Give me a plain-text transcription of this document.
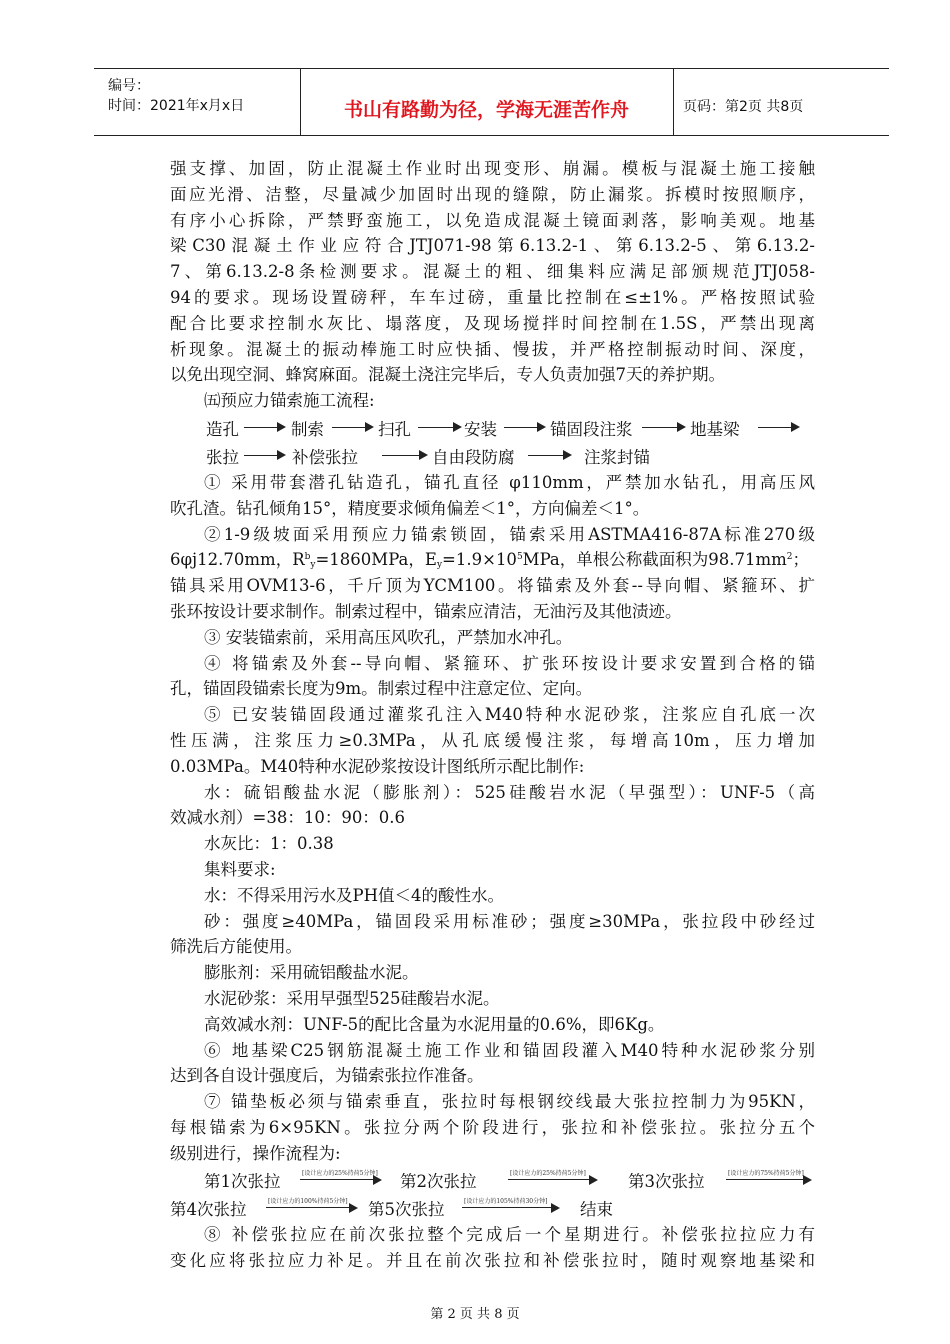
编号：
时间：2021年x月x日	书山有路勤为径，学海无涯苦作舟	页码：第2页 共8页
强支撑、加固，防止混凝土作业时出现变形、崩漏。模板与混凝土施工接触
面应光滑、洁整，尽量减少加固时出现的缝隙，防止漏浆。拆模时按照顺序，
有序小心拆除，严禁野蛮施工，以免造成混凝土镜面剥落，影响美观。地基
梁C30混凝土作业应符合JTJ071-98第6.13.2-1、第6.13.2-5、第6.13.2-
7、第6.13.2-8条检测要求。混凝土的粗、细集料应满足部颁规范JTJ058-
94的要求。现场设置磅秤，车车过磅，重量比控制在≤±1%。严格按照试验
配合比要求控制水灰比、塌落度，及现场搅拌时间控制在1.5S，严禁出现离
析现象。混凝土的振动棒施工时应快插、慢拔，并严格控制振动时间、深度，
以免出现空洞、蜂窝麻面。混凝土浇注完毕后，专人负责加强7天的养护期。
㈤预应力锚索施工流程:
造孔	制索	扫孔	安装	锚固段注浆	地基梁
张拉	补偿张拉	自由段防腐	注浆封锚
① 采用带套潜孔钻造孔，锚孔直径 φ110mm，严禁加水钻孔，用高压风
吹孔渣。钻孔倾角15°，精度要求倾角偏差＜1°，方向偏差＜1°。
②1-9级坡面采用预应力锚索锁固，锚索采用ASTMA416-87A标准270级
6φj12.70mm，$R^b_y=1860MPa$，$E_y=1.9\times 10^5MPa$，单根公称截面积为$98.71mm^2$；
锚具采用OVM13-6，千斤顶为YCM100。将锚索及外套--导向帽、紧箍环、扩
张环按设计要求制作。制索过程中，锚索应清洁，无油污及其他渍迹。
③ 安装锚索前，采用高压风吹孔，严禁加水冲孔。
④ 将锚索及外套--导向帽、紧箍环、扩张环按设计要求安置到合格的锚
孔，锚固段锚索长度为9m。制索过程中注意定位、定向。
⑤ 已安装锚固段通过灌浆孔注入M40特种水泥砂浆，注浆应自孔底一次
性压满，注浆压力≥0.3MPa，从孔底缓慢注浆，每增高10m，压力增加
0.03MPa。M40特种水泥砂浆按设计图纸所示配比制作:
水：硫铝酸盐水泥（膨胀剂）：525硅酸岩水泥（早强型）：UNF-5（高
效减水剂）=38：10：90：0.6
水灰比：1：0.38
集料要求:
水：不得采用污水及PH值＜4的酸性水。
砂：强度≥40MPa，锚固段采用标准砂；强度≥30MPa，张拉段中砂经过
筛洗后方能使用。
膨胀剂：采用硫铝酸盐水泥。
水泥砂浆：采用早强型525硅酸岩水泥。
高效减水剂：UNF-5的配比含量为水泥用量的0.6%，即6Kg。
⑥ 地基梁C25钢筋混凝土施工作业和锚固段灌入M40特种水泥砂浆分别
达到各自设计强度后，为锚索张拉作准备。
⑦ 锚垫板必须与锚索垂直，张拉时每根钢绞线最大张拉控制力为95KN，
每根锚索为6×95KN。张拉分两个阶段进行，张拉和补偿张拉。张拉分五个
级别进行，操作流程为:
第1次张拉	[设计应力的25%持荷5分钟] 第2次张拉	[设计应力的25%持荷5分钟]	第3次张拉	[设计应力的75%持荷5分钟]
第4次张拉	[设计应力的100%持荷5分钟] 第5次张拉	[设计应力的105%持荷30分钟] 结束
⑧ 补偿张拉应在前次张拉整个完成后一个星期进行。补偿张拉拉应力有
变化应将张拉应力补足。并且在前次张拉和补偿张拉时，随时观察地基梁和
第 2 页 共 8 页
